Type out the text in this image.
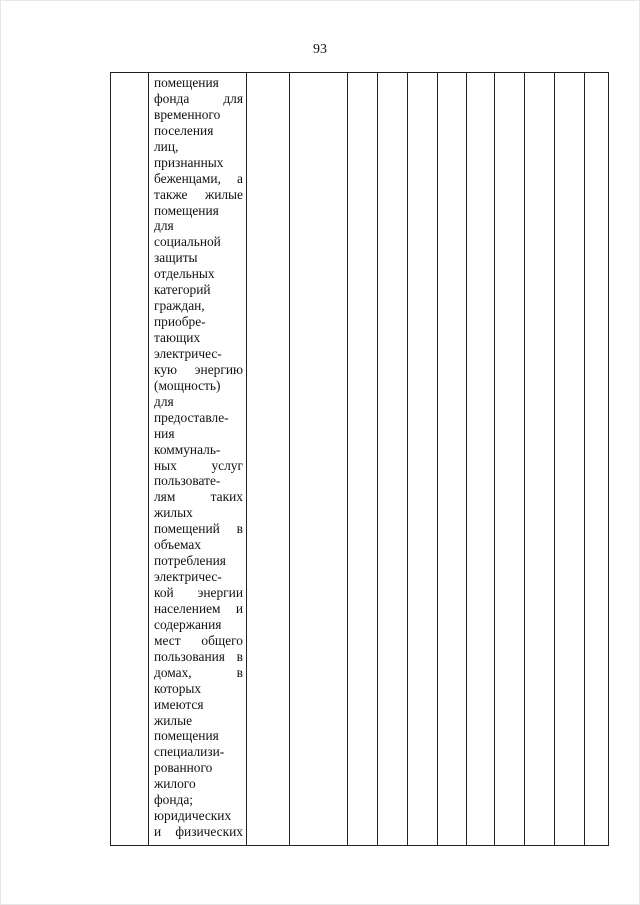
93

помещения
фонда для
временного
поселения
лиц,
признанных
беженцами, а
также жилые
помещения
для
социальной
защиты
отдельных
категорий
граждан,
приобре-
тающих
электричес-
кую энергию
(мощность)
для
предоставле-
ния
коммуналь-
ных услуг
пользовате-
лям таких
жилых
помещений в
объемах
потребления
электричес-
кой энергии
населением и
содержания
мест общего
пользования в
домах, в
которых
имеются
жилые
помещения
специализи-
рованного
жилого
фонда;
юридических
и физических
